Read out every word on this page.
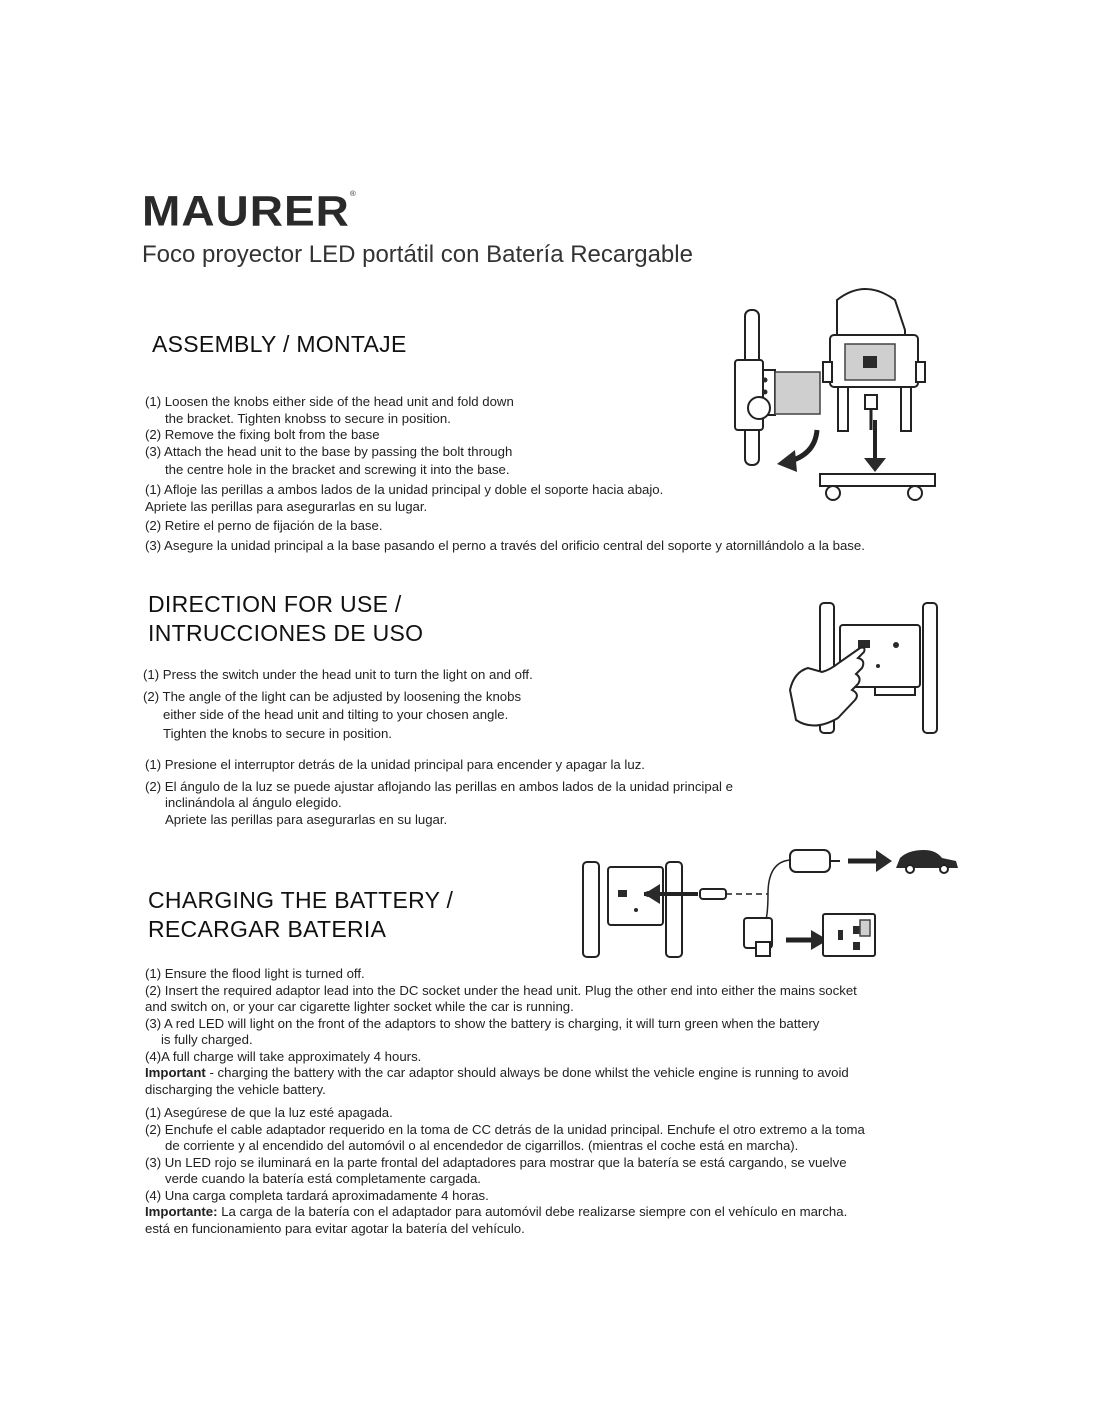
MAURER®
Foco proyector LED portátil con Batería Recargable
ASSEMBLY / MONTAJE

(1) Loosen the knobs either side of the head unit and fold down

the bracket. Tighten knobss to secure in position.

(2) Remove the fixing bolt from the base

(3) Attach the head unit to the base by passing the bolt through

the centre hole in the bracket and screwing it into the base.

(1) Afloje las perillas a ambos lados de la unidad principal y doble el soporte hacia abajo.

Apriete las perillas para asegurarlas en su lugar.

(2) Retire el perno de fijación de la base.

(3) Asegure la unidad principal a la base pasando el perno a través del orificio central del soporte y atornillándolo a la base.

DIRECTION FOR USE /
INTRUCCIONES DE USO

(1) Press the switch under the head unit to turn the light on and off.

(2) The angle of the light can be adjusted by loosening the knobs

either side of the head unit and tilting to your chosen angle.

Tighten the knobs to secure in position.

(1) Presione el interruptor detrás de la unidad principal para encender y apagar la luz.

(2) El ángulo de la luz se puede ajustar aflojando las perillas en ambos lados de la unidad principal e

inclinándola al ángulo elegido.

Apriete las perillas para asegurarlas en su lugar.

CHARGING THE BATTERY /
RECARGAR BATERIA

(1) Ensure the flood light is turned off.

(2) Insert the required adaptor lead into the DC socket under the head unit. Plug the other end into either the mains socket

and switch on, or your car cigarette lighter socket while the car is running.

(3) A red LED will light on the front of the adaptors to show the battery is charging, it will turn green when the battery

is fully charged.

(4)A full charge will take approximately 4 hours.

Important - charging the battery with the car adaptor should always be done whilst the vehicle engine is running to avoid

discharging the vehicle battery.

(1) Asegúrese de que la luz esté apagada.

(2) Enchufe el cable adaptador requerido en la toma de CC detrás de la unidad principal. Enchufe el otro extremo a la toma

de corriente y al encendido del automóvil o al encendedor de cigarrillos. (mientras el coche está en marcha).

(3) Un LED rojo se iluminará en la parte frontal del adaptadores para mostrar que la batería se está cargando, se vuelve

verde cuando la batería está completamente cargada.

(4) Una carga completa tardará aproximadamente 4 horas.

Importante: La carga de la batería con el adaptador para automóvil debe realizarse siempre con el vehículo en marcha.

está en funcionamiento para evitar agotar la batería del vehículo.
